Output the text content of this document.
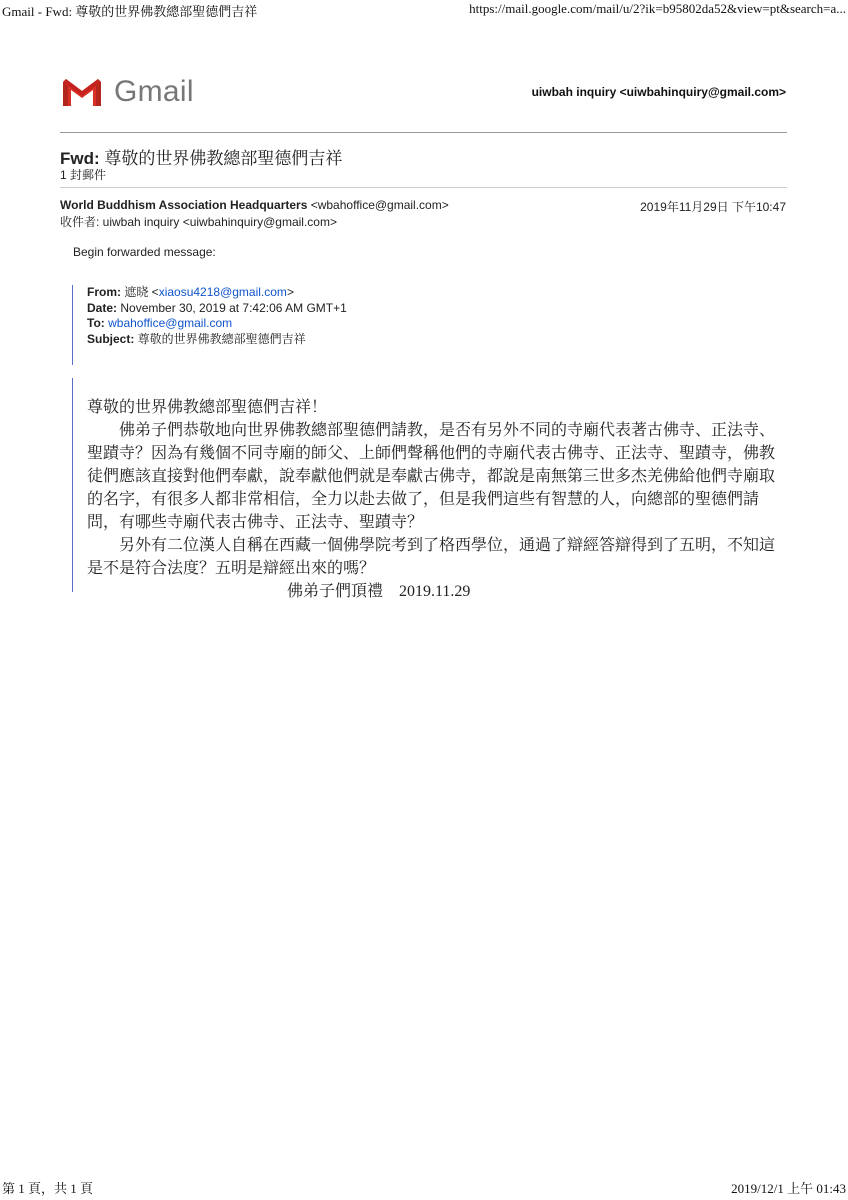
Gmail - Fwd: 尊敬的世界佛教總部聖德們吉祥	https://mail.google.com/mail/u/2?ik=b95802da52&view=pt&search=a...
Gmail	uiwbah inquiry <uiwbahinquiry@gmail.com>
Fwd: 尊敬的世界佛教總部聖德們吉祥
1 封郵件
World Buddhism Association Headquarters <wbahoffice@gmail.com>	2019年11月29日 下午10:47
收件者: uiwbah inquiry <uiwbahinquiry@gmail.com>
Begin forwarded message:
From: 遮晓 <xiaosu4218@gmail.com>
Date: November 30, 2019 at 7:42:06 AM GMT+1
To: wbahoffice@gmail.com
Subject: 尊敬的世界佛教總部聖德們吉祥

尊敬的世界佛教總部聖德們吉祥！

佛弟子們恭敬地向世界佛教總部聖德們請教，是否有另外不同的寺廟代表著古佛寺、正法寺、聖蹟寺？因為有幾個不同寺廟的師父、上師們聲稱他們的寺廟代表古佛寺、正法寺、聖蹟寺，佛教徒們應該直接對他們奉獻，說奉獻他們就是奉獻古佛寺，都說是南無第三世多杰羌佛給他們寺廟取的名字，有很多人都非常相信，全力以赴去做了，但是我們這些有智慧的人，向總部的聖德們請問，有哪些寺廟代表古佛寺、正法寺、聖蹟寺？

另外有二位漢人自稱在西藏一個佛學院考到了格西學位，通過了辯經答辯得到了五明，不知這是不是符合法度？五明是辯經出來的嗎？

佛弟子們頂禮　2019.11.29

第 1 頁，共 1 頁	2019/12/1 上午 01:43
